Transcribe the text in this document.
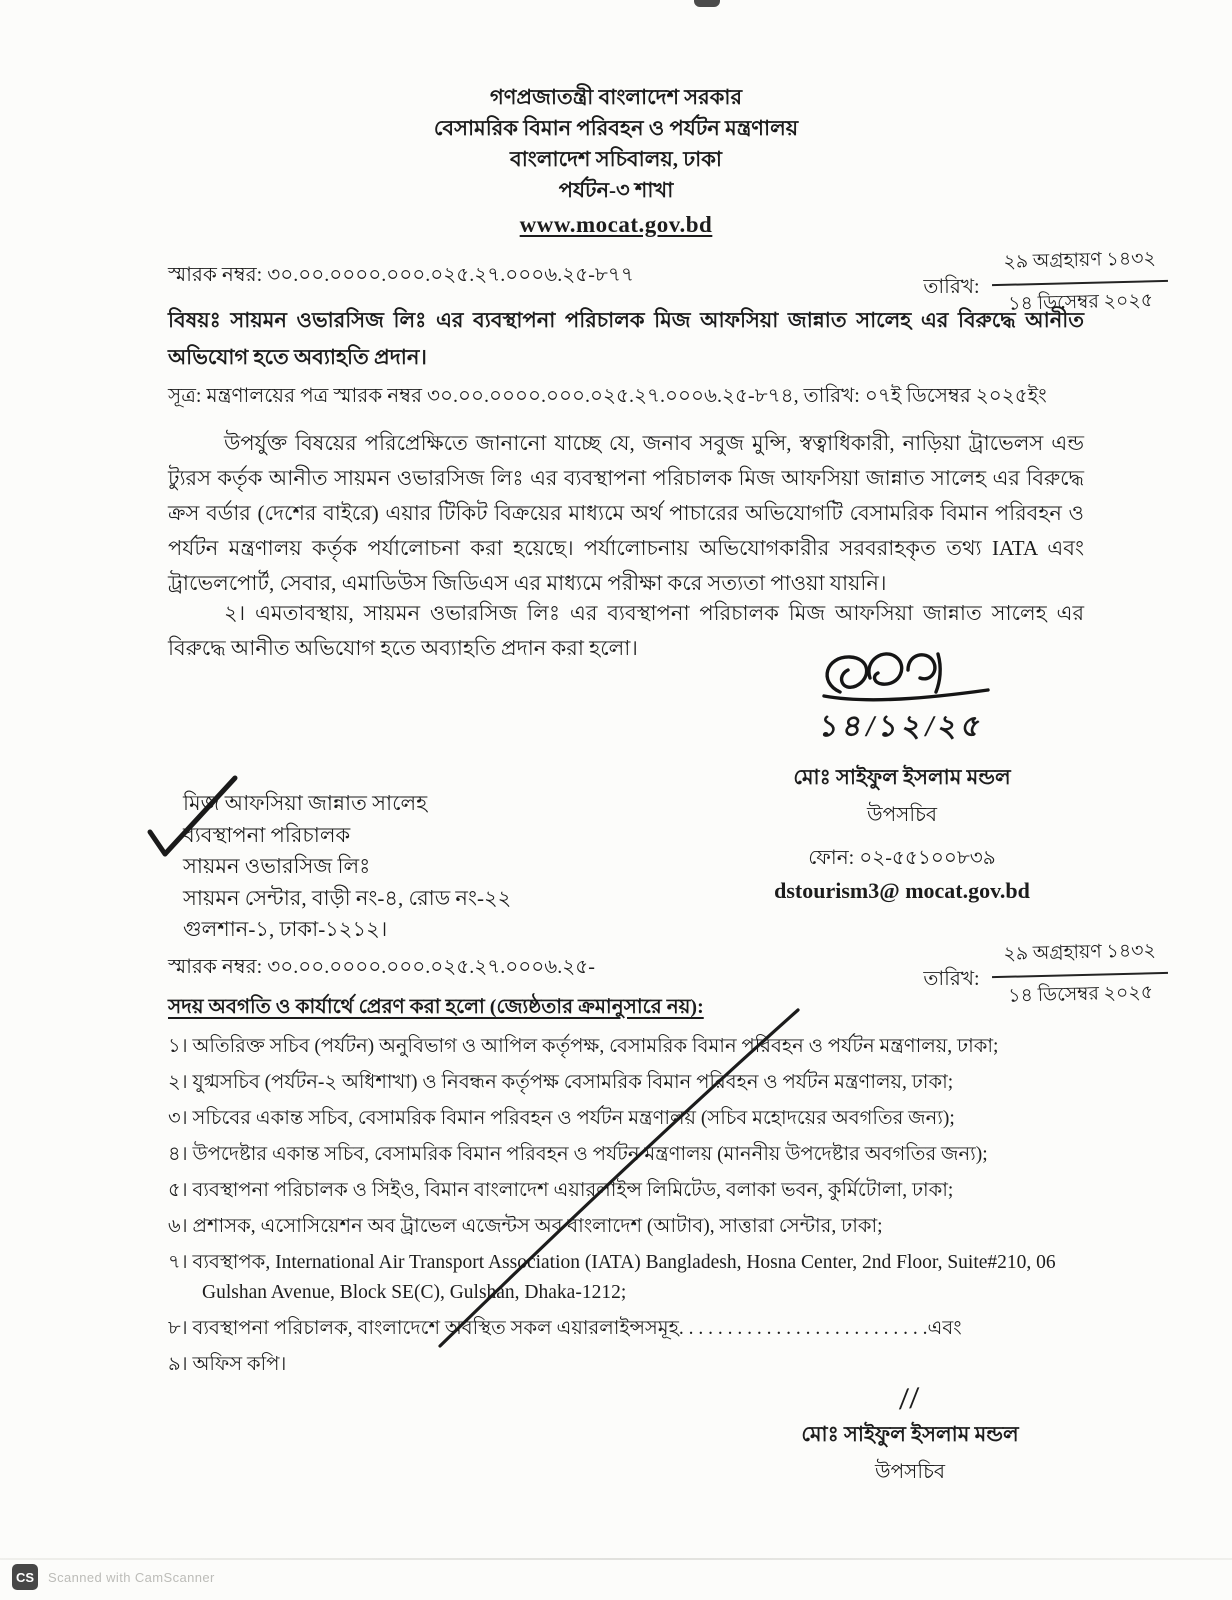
গণপ্রজাতন্ত্রী বাংলাদেশ সরকার
বেসামরিক বিমান পরিবহন ও পর্যটন মন্ত্রণালয়
বাংলাদেশ সচিবালয়, ঢাকা
পর্যটন-৩ শাখা
www.mocat.gov.bd
স্মারক নম্বর: ৩০.০০.০০০০.০০০.০২৫.২৭.০০০৬.২৫-৮৭৭
তারিখ: $\frac{\text{২৯ অগ্রহায়ণ ১৪৩২}}{\text{১৪ ডিসেম্বর ২০২৫}}$
বিষয়ঃ সায়মন ওভারসিজ লিঃ এর ব্যবস্থাপনা পরিচালক মিজ আফসিয়া জান্নাত সালেহ এর বিরুদ্ধে আনীত অভিযোগ হতে অব্যাহতি প্রদান।
সূত্র: মন্ত্রণালয়ের পত্র স্মারক নম্বর ৩০.০০.০০০০.০০০.০২৫.২৭.০০০৬.২৫-৮৭৪, তারিখ: ০৭ই ডিসেম্বর ২০২৫ইং
উপর্যুক্ত বিষয়ের পরিপ্রেক্ষিতে জানানো যাচ্ছে যে, জনাব সবুজ মুন্সি, স্বত্বাধিকারী, নাড়িয়া ট্রাভেলস এন্ড ট্যুরস কর্তৃক আনীত সায়মন ওভারসিজ লিঃ এর ব্যবস্থাপনা পরিচালক মিজ আফসিয়া জান্নাত সালেহ এর বিরুদ্ধে ক্রস বর্ডার (দেশের বাইরে) এয়ার টিকিট বিক্রয়ের মাধ্যমে অর্থ পাচারের অভিযোগটি বেসামরিক বিমান পরিবহন ও পর্যটন মন্ত্রণালয় কর্তৃক পর্যালোচনা করা হয়েছে। পর্যালোচনায় অভিযোগকারীর সরবরাহকৃত তথ্য IATA এবং ট্রাভেলপোর্ট, সেবার, এমাডিউস জিডিএস এর মাধ্যমে পরীক্ষা করে সত্যতা পাওয়া যায়নি।
২। এমতাবস্থায়, সায়মন ওভারসিজ লিঃ এর ব্যবস্থাপনা পরিচালক মিজ আফসিয়া জান্নাত সালেহ এর বিরুদ্ধে আনীত অভিযোগ হতে অব্যাহতি প্রদান করা হলো।
১৪/১২/২৫
মোঃ সাইফুল ইসলাম মন্ডল
উপসচিব
ফোন: ০২-৫৫১০০৮৩৯
dstourism3@ mocat.gov.bd
মিজ আফসিয়া জান্নাত সালেহ
ব্যবস্থাপনা পরিচালক
সায়মন ওভারসিজ লিঃ
সায়মন সেন্টার, বাড়ী নং-৪, রোড নং-২২
গুলশান-১, ঢাকা-১২১২।
স্মারক নম্বর: ৩০.০০.০০০০.০০০.০২৫.২৭.০০০৬.২৫-
তারিখ: $\frac{\text{২৯ অগ্রহায়ণ ১৪৩২}}{\text{১৪ ডিসেম্বর ২০২৫}}$
সদয় অবগতি ও কার্যার্থে প্রেরণ করা হলো (জ্যেষ্ঠতার ক্রমানুসারে নয়):
১। অতিরিক্ত সচিব (পর্যটন) অনুবিভাগ ও আপিল কর্তৃপক্ষ, বেসামরিক বিমান পরিবহন ও পর্যটন মন্ত্রণালয়, ঢাকা;
২। যুগ্মসচিব (পর্যটন-২ অধিশাখা) ও নিবন্ধন কর্তৃপক্ষ বেসামরিক বিমান পরিবহন ও পর্যটন মন্ত্রণালয়, ঢাকা;
৩। সচিবের একান্ত সচিব, বেসামরিক বিমান পরিবহন ও পর্যটন মন্ত্রণালয় (সচিব মহোদয়ের অবগতির জন্য);
৪। উপদেষ্টার একান্ত সচিব, বেসামরিক বিমান পরিবহন ও পর্যটন মন্ত্রণালয় (মাননীয় উপদেষ্টার অবগতির জন্য);
৫। ব্যবস্থাপনা পরিচালক ও সিইও, বিমান বাংলাদেশ এয়ারলাইন্স লিমিটেড, বলাকা ভবন, কুর্মিটোলা, ঢাকা;
৬। প্রশাসক, এসোসিয়েশন অব ট্রাভেল এজেন্টস অব বাংলাদেশ (আটাব), সাত্তারা সেন্টার, ঢাকা;
৭। ব্যবস্থাপক, International Air Transport Association (IATA) Bangladesh, Hosna Center, 2nd Floor, Suite#210, 06 Gulshan Avenue, Block SE(C), Gulshan, Dhaka-1212;
৮। ব্যবস্থাপনা পরিচালক, বাংলাদেশে অবস্থিত সকল এয়ারলাইন্সসমূহ. . . . . . . . . . . . . . . . . . . . . . . . . .এবং
৯। অফিস কপি।
//
মোঃ সাইফুল ইসলাম মন্ডল
উপসচিব
CS	Scanned with CamScanner
